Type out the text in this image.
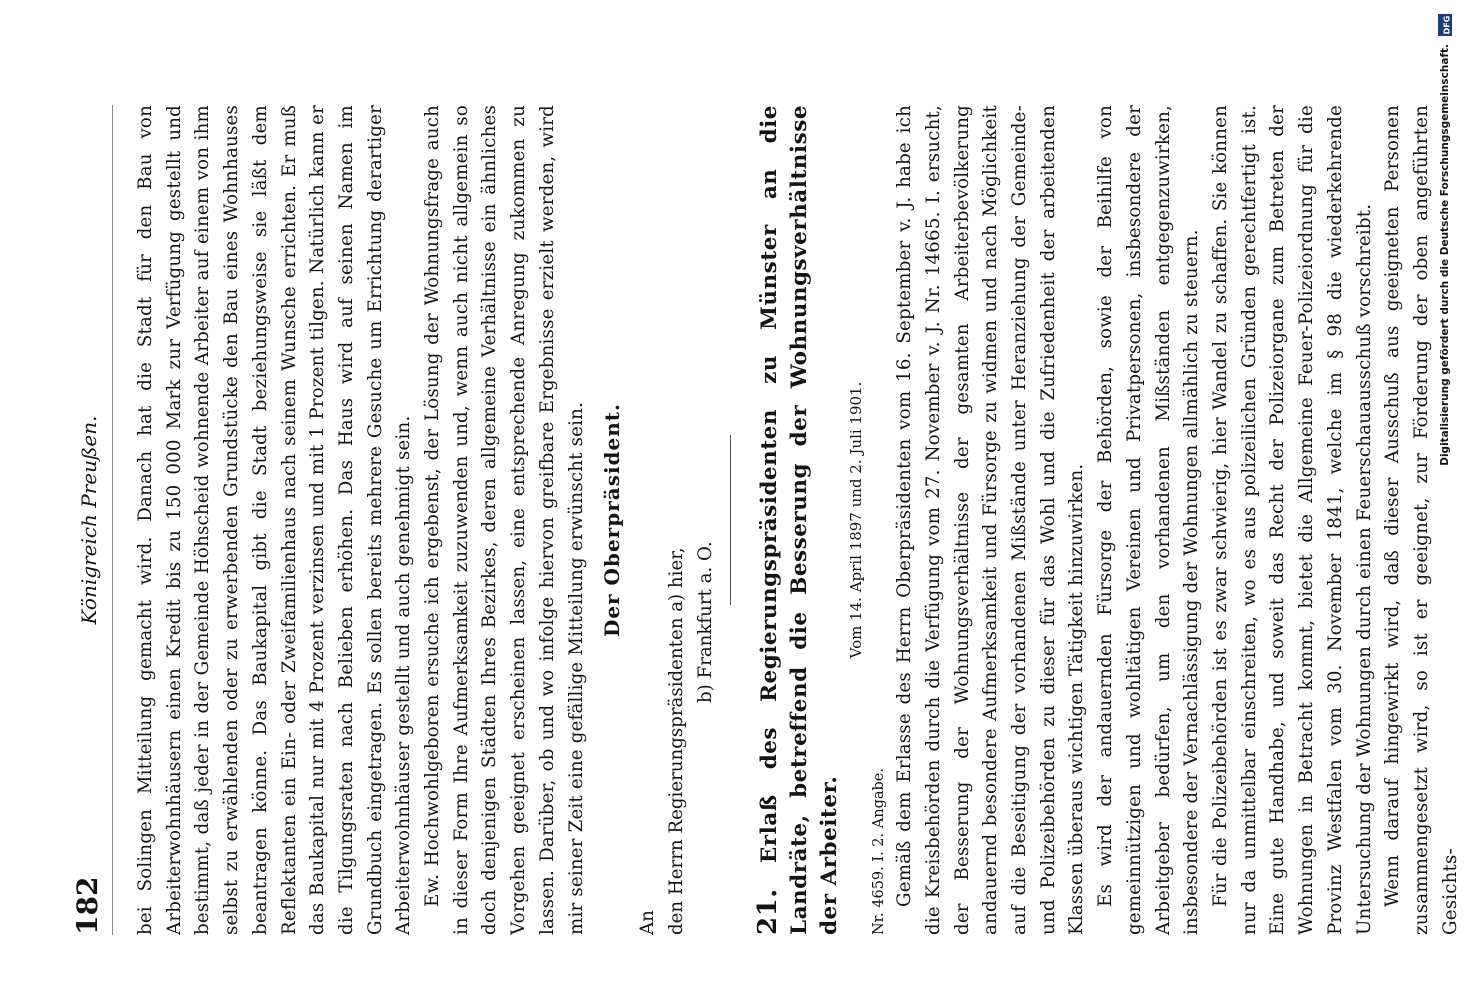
182
Königreich Preußen. bei Solingen Mitteilung gemacht wird. Danach hat die Stadt für den Bau von Arbeiterwohnhäusern einen Kredit bis zu 150 000 Mark zur Verfügung gestellt und bestimmt, daß jeder in der Gemeinde Höhscheid wohnende Arbeiter auf einem von ihm selbst zu erwählenden oder zu erwerbenden Grundstücke den Bau eines Wohnhauses beantragen könne. Das Baukapital gibt die Stadt beziehungsweise sie läßt dem Reflektanten ein Ein- oder Zweifamilienhaus nach seinem Wunsche errichten. Er muß das Baukapital nur mit 4 Prozent verzinsen und mit 1 Prozent tilgen. Natürlich kann er die Tilgungsraten nach Belieben erhöhen. Das Haus wird auf seinen Namen im Grundbuch eingetragen. Es sollen bereits mehrere Gesuche um Errichtung derartiger Arbeiterwohnhäuser gestellt und auch genehmigt sein. Ew. Hochwohlgeboren ersuche ich ergebenst, der Lösung der Wohnungsfrage auch in dieser Form Ihre Aufmerksamkeit zuzuwenden und, wenn auch nicht allgemein so doch denjenigen Städten Ihres Bezirkes, deren allgemeine Verhältnisse ein ähnliches Vorgehen geeignet erscheinen lassen, eine entsprechende Anregung zukommen zu lassen. Darüber, ob und wo infolge hiervon greifbare Ergebnisse erzielt werden, wird mir seiner Zeit eine gefällige Mitteilung erwünscht sein. Der Oberpräsident.

An den Herrn Regierungspräsidenten a) hier, b) Frankfurt a. O.

21. Erlaß des Regierungspräsidenten zu Münster an die Landräte, betreffend die Besserung der Wohnungsverhältnisse der Arbeiter.

Vom 14. April 1897 und 2. Juli 1901.

Nr. 4659. I. 2. Angabe. Gemäß dem Erlasse des Herrn Oberpräsidenten vom 16. September v. J. habe ich die Kreisbehörden durch die Verfügung vom 27. November v. J. Nr. 14665. I. ersucht, der Besserung der Wohnungsverhältnisse der gesamten Arbeiterbevölkerung andauernd besondere Aufmerksamkeit und Fürsorge zu widmen und nach Möglichkeit auf die Beseitigung der vorhandenen Mißstände unter Heranziehung der Gemeinde- und Polizeibehörden zu dieser für das Wohl und die Zufriedenheit der arbeitenden Klassen überaus wichtigen Tätigkeit hinzuwirken. Es wird der andauernden Fürsorge der Behörden, sowie der Beihilfe von gemeinnützigen und wohltätigen Vereinen und Privatpersonen, insbesondere der Arbeitgeber bedürfen, um den vorhandenen Mißständen entgegenzuwirken, insbesondere der Vernachlässigung der Wohnungen allmählich zu steuern. Für die Polizeibehörden ist es zwar schwierig, hier Wandel zu schaffen. Sie können nur da unmittelbar einschreiten, wo es aus polizeilichen Gründen gerechtfertigt ist. Eine gute Handhabe, und soweit das Recht der Polizeiorgane zum Betreten der Wohnungen in Betracht kommt, bietet die Allgemeine Feuer-Polizeiordnung für die Provinz Westfalen vom 30. November 1841, welche im § 98 die wiederkehrende Untersuchung der Wohnungen durch einen Feuerschauausschuß vorschreibt. Wenn darauf hingewirkt wird, daß dieser Ausschuß aus geeigneten Personen zusammengesetzt wird, so ist er geeignet, zur Förderung der oben angeführten Gesichts-

Digitalisierung gefördert durch die Deutsche Forschungsgemeinschaft.
DFG
